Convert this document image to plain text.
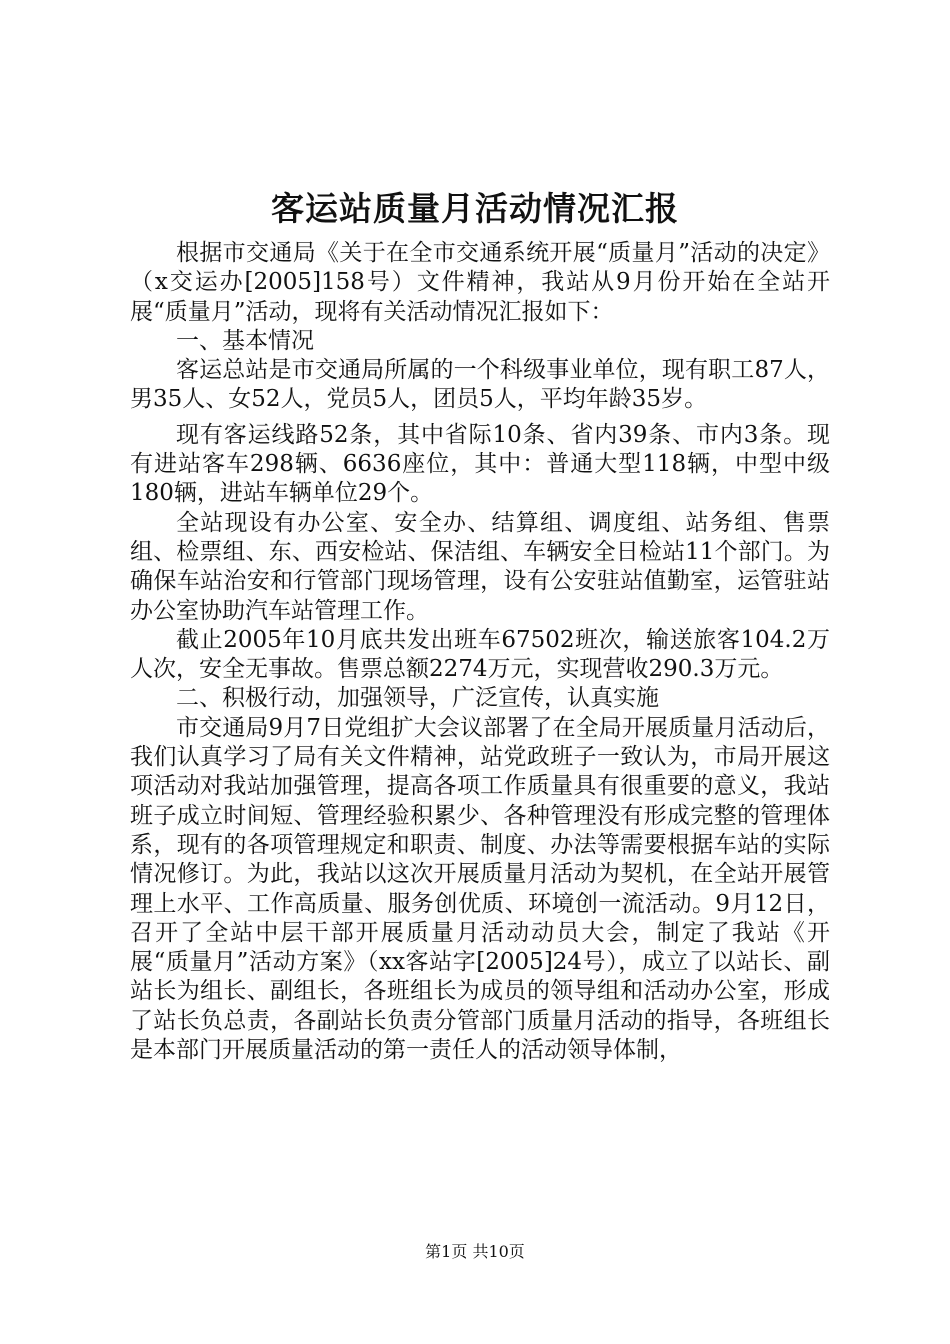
客运站质量月活动情况汇报

根据市交通局《关于在全市交通系统开展“质量月”活动的决定》（x交运办[2005]158号）文件精神，我站从9月份开始在全站开展“质量月”活动，现将有关活动情况汇报如下：

一、基本情况

客运总站是市交通局所属的一个科级事业单位，现有职工87人，男35人、女52人，党员5人，团员5人，平均年龄35岁。

现有客运线路52条，其中省际10条、省内39条、市内3条。现有进站客车298辆、6636座位，其中：普通大型118辆，中型中级180辆，进站车辆单位29个。

全站现设有办公室、安全办、结算组、调度组、站务组、售票组、检票组、东、西安检站、保洁组、车辆安全日检站11个部门。为确保车站治安和行管部门现场管理，设有公安驻站值勤室，运管驻站办公室协助汽车站管理工作。

截止2005年10月底共发出班车67502班次，输送旅客104.2万人次，安全无事故。售票总额2274万元，实现营收290.3万元。

二、积极行动，加强领导，广泛宣传，认真实施

市交通局9月7日党组扩大会议部署了在全局开展质量月活动后，我们认真学习了局有关文件精神，站党政班子一致认为，市局开展这项活动对我站加强管理，提高各项工作质量具有很重要的意义，我站班子成立时间短、管理经验积累少、各种管理没有形成完整的管理体系，现有的各项管理规定和职责、制度、办法等需要根据车站的实际情况修订。为此，我站以这次开展质量月活动为契机，在全站开展管理上水平、工作高质量、服务创优质、环境创一流活动。9月12日，召开了全站中层干部开展质量月活动动员大会，制定了我站《开展“质量月”活动方案》（xx客站字[2005]24号），成立了以站长、副站长为组长、副组长，各班组长为成员的领导组和活动办公室，形成了站长负总责，各副站长负责分管部门质量月活动的指导，各班组长是本部门开展质量活动的第一责任人的活动领导体制，

第1页 共10页
